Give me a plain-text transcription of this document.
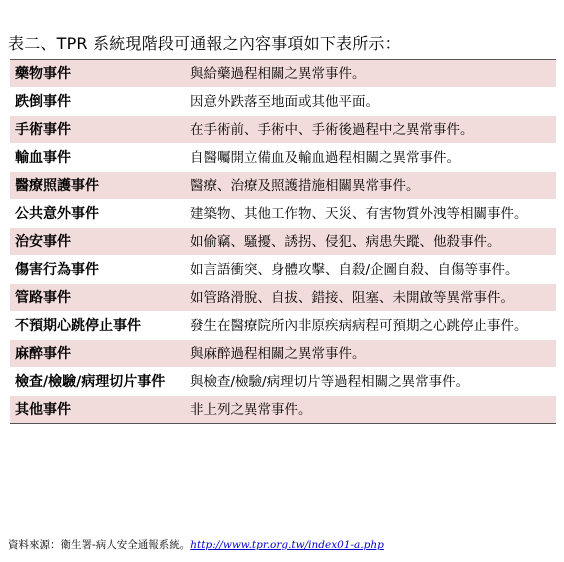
表二、TPR 系統現階段可通報之內容事項如下表所示：
藥物事件	與給藥過程相關之異常事件。
跌倒事件	因意外跌落至地面或其他平面。
手術事件	在手術前、手術中、手術後過程中之異常事件。
輸血事件	自醫囑開立備血及輸血過程相關之異常事件。
醫療照護事件	醫療、治療及照護措施相關異常事件。
公共意外事件	建築物、其他工作物、天災、有害物質外洩等相關事件。
治安事件	如偷竊、騷擾、誘拐、侵犯、病患失蹤、他殺事件。
傷害行為事件	如言語衝突、身體攻擊、自殺/企圖自殺、自傷等事件。
管路事件	如管路滑脫、自拔、錯接、阻塞、未開啟等異常事件。
不預期心跳停止事件	發生在醫療院所內非原疾病病程可預期之心跳停止事件。
麻醉事件	與麻醉過程相關之異常事件。
檢查/檢驗/病理切片事件	與檢查/檢驗/病理切片等過程相關之異常事件。
其他事件	非上列之異常事件。
資料來源：衛生署-病人安全通報系統。http://www.tpr.org.tw/index01-a.php
